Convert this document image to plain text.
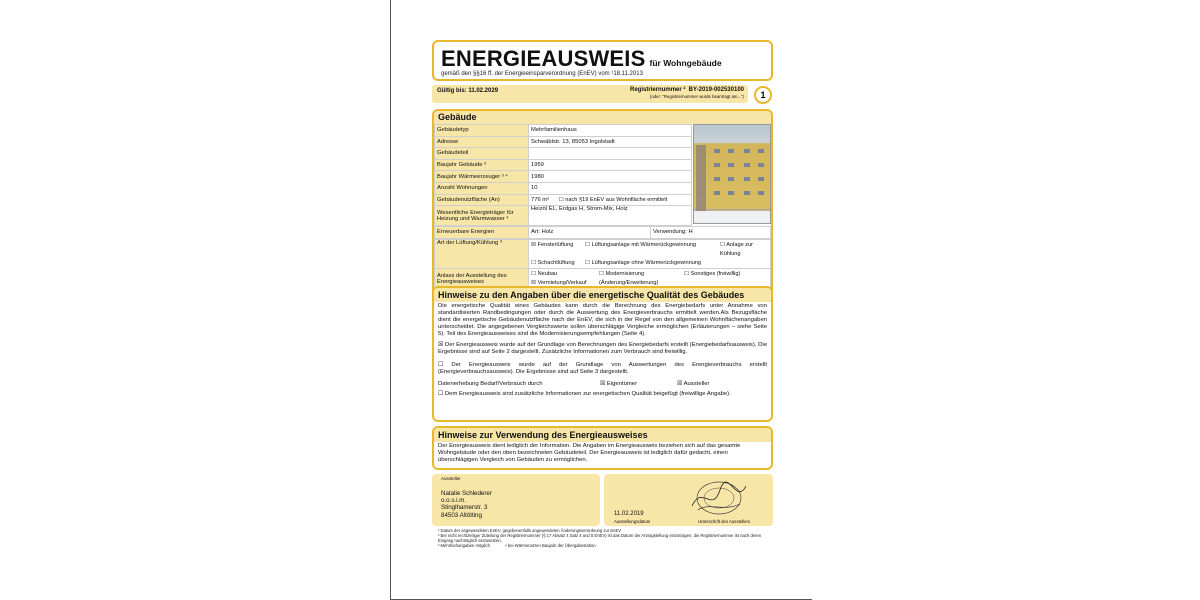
ENERGIEAUSWEIS für Wohngebäude
gemäß den §§16 ff. der Energieeinsparverordnung (EnEV) vom ¹18.11.2013
Gültig bis: 11.02.2029	Registriernummer ² BY-2019-002530100
(oder: "Registriernummer wurde beantragt am...")	1
Gebäude
Gebäudetyp	Mehrfamilienhaus
Adresse	Schwäblstr. 13, 85053 Ingolstadt
Gebäudeteil	
Baujahr Gebäude ³	1959
Baujahr Wärmeerzeuger ³ ⁴	1980
Anzahl Wohnungen	10
Gebäudenutzfläche (An)	776 m² ☐ nach §19 EnEV aus Wohnfläche ermittelt
Wesentliche Energieträger für Heizung und Warmwasser ³	Heizöl EL, Erdgas H, Strom-Mix, Holz
Erneuerbare Energien	Art: Holz	Verwendung: H
Art der Lüftung/Kühlung ³	☒ Fensterlüftung ☐ Lüftungsanlage mit Wärmerückgewinnung ☐ Anlage zur Kühlung
☐ Schachtlüftung ☐ Lüftungsanlage ohne Wärmerückgewinnung
Anlass der Ausstellung des Energieausweises	☐ Neubau ☐ Modernisierung (Änderung/Erweiterung)☐ Sonstiges (freiwillig)
☒ Vermietung/Verkauf
Hinweise zu den Angaben über die energetische Qualität des Gebäudes
Die energetische Qualität eines Gebäudes kann durch die Berechnung des Energiebedarfs unter Annahme von standardisierten Randbedingungen oder durch die Auswertung des Energieverbrauchs ermittelt werden.Als Bezugsfläche dient die energetische Gebäudenutzfläche nach der EnEV, die sich in der Regel von den allgemeinen Wohnflächenangaben unterscheidet. Die angegebenen Vergleichswerte sollen überschlägige Vergleiche ermöglichen (Erläuterungen – siehe Seite 5). Teil des Energieausweises sind die Modernisierungsempfehlungen (Seite 4).
☒ Der Energieausweis wurde auf der Grundlage von Berechnungen des Energiebedarfs erstellt (Energiebedarfsausweis). Die Ergebnisse sind auf Seite 2 dargestellt. Zusätzliche Informationen zum Verbrauch sind freiwillig.
☐ Der Energieausweis wurde auf der Grundlage von Auswertungen des Energieverbrauchs erstellt (Energieverbrauchsausweis). Die Ergebnisse sind auf Seite 3 dargestellt.
Datenerhebung Bedarf/Verbrauch durch	☒ Eigentümer	☒ Aussteller
☐ Dem Energieausweis sind zusätzliche Informationen zur energetischen Qualität beigefügt (freiwillige Angabe).
Hinweise zur Verwendung des Energieausweises
Der Energieausweis dient lediglich der Information. Die Angaben im Energieausweis beziehen sich auf das gesamte Wohngebäude oder den oben bezeichneten Gebäudeteil. Der Energieausweis ist lediglich dafür gedacht, einen überschlägigen Vergleich von Gebäuden zu ermöglichen.
Aussteller
Natalie Schlederer
o.o.s.i.m.
Stinglhamerstr. 3
84503 Altötting	11.02.2019
Ausstellungsdatum	Unterschrift des Ausstellers
¹ Datum der angewendeten EnEV, gegebenenfalls angewendeten Änderungsverordnung zur EnEV
² Bei nicht rechtzeitiger Zuteilung der Registriernummer (§ 17 Absatz 4 Satz 4 und 5 EnEV) ist das Datum der Antragstellung einzutragen; die Registriernummer ist nach deren Eingang nachträglich einzusetzen.
³ Mehrfachangaben möglich	⁴ bei Wärmenetzen Baujahr der Übergabestation
